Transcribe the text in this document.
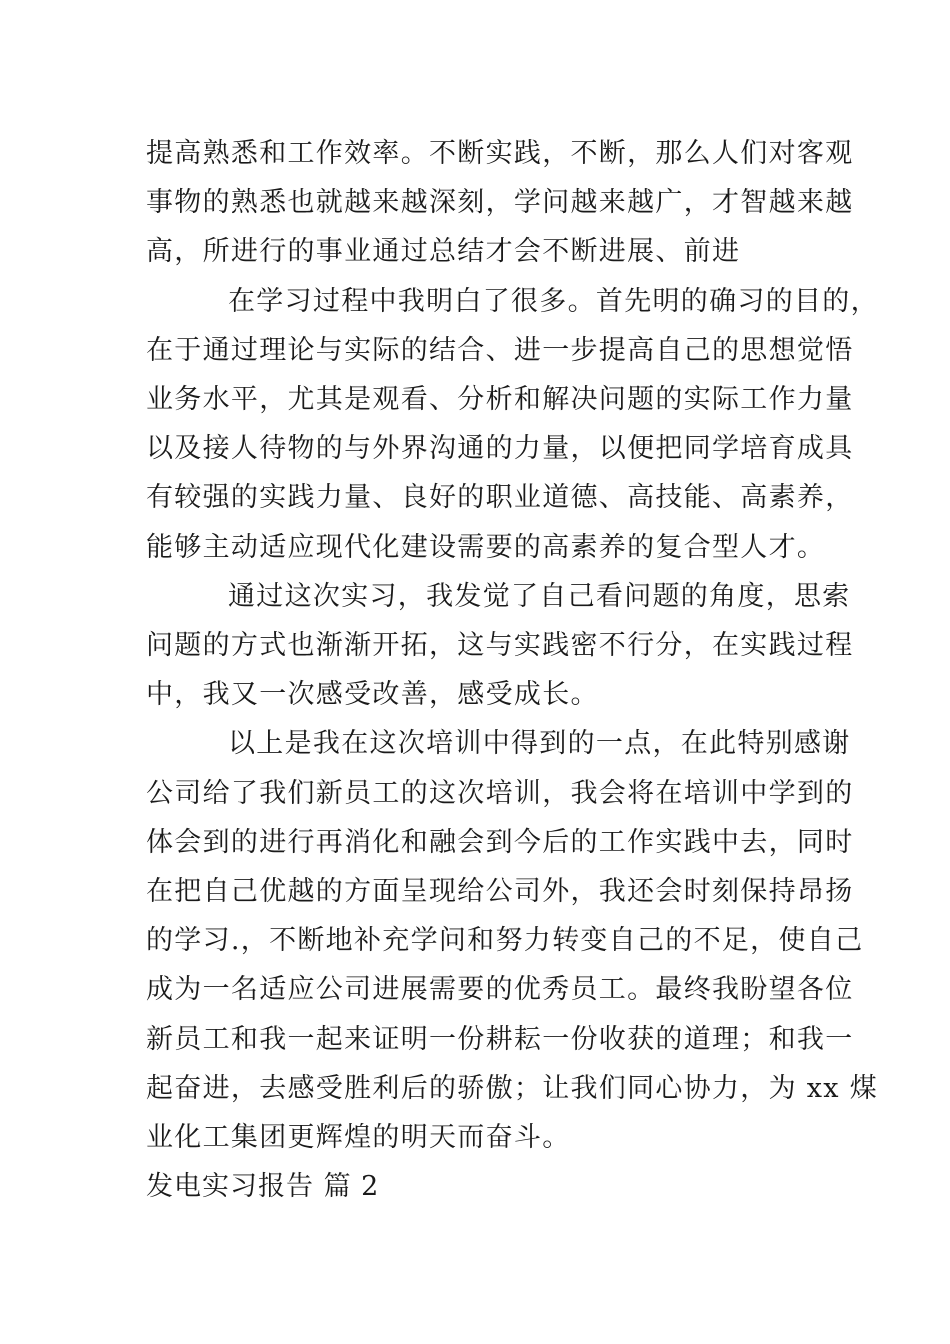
提高熟悉和工作效率。不断实践，不断，那么人们对客观
事物的熟悉也就越来越深刻，学问越来越广，才智越来越
高，所进行的事业通过总结才会不断进展、前进
在学习过程中我明白了很多。首先明的确习的目的，
在于通过理论与实际的结合、进一步提高自己的思想觉悟
业务水平，尤其是观看、分析和解决问题的实际工作力量
以及接人待物的与外界沟通的力量，以便把同学培育成具
有较强的实践力量、良好的职业道德、高技能、高素养，
能够主动适应现代化建设需要的高素养的复合型人才。
通过这次实习，我发觉了自己看问题的角度，思索
问题的方式也渐渐开拓，这与实践密不行分，在实践过程
中，我又一次感受改善，感受成长。
以上是我在这次培训中得到的一点，在此特别感谢
公司给了我们新员工的这次培训，我会将在培训中学到的
体会到的进行再消化和融会到今后的工作实践中去，同时
在把自己优越的方面呈现给公司外，我还会时刻保持昂扬
的学习.，不断地补充学问和努力转变自己的不足，使自己
成为一名适应公司进展需要的优秀员工。最终我盼望各位
新员工和我一起来证明一份耕耘一份收获的道理；和我一
起奋进，去感受胜利后的骄傲；让我们同心协力，为 xx 煤
业化工集团更辉煌的明天而奋斗。
发电实习报告 篇 2
